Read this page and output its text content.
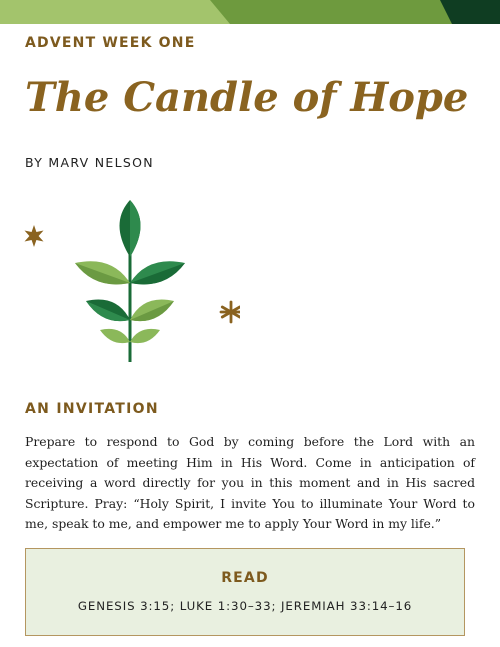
ADVENT WEEK ONE
The Candle of Hope
BY MARV NELSON
AN INVITATION

Prepare to respond to God by coming before the Lord with an expectation of meeting Him in His Word. Come in anticipation of receiving a word directly for you in this moment and in His sacred Scripture. Pray: “Holy Spirit, I invite You to illuminate Your Word to me, speak to me, and empower me to apply Your Word in my life.”

READ
GENESIS 3:15; LUKE 1:30–33; JEREMIAH 33:14–16
